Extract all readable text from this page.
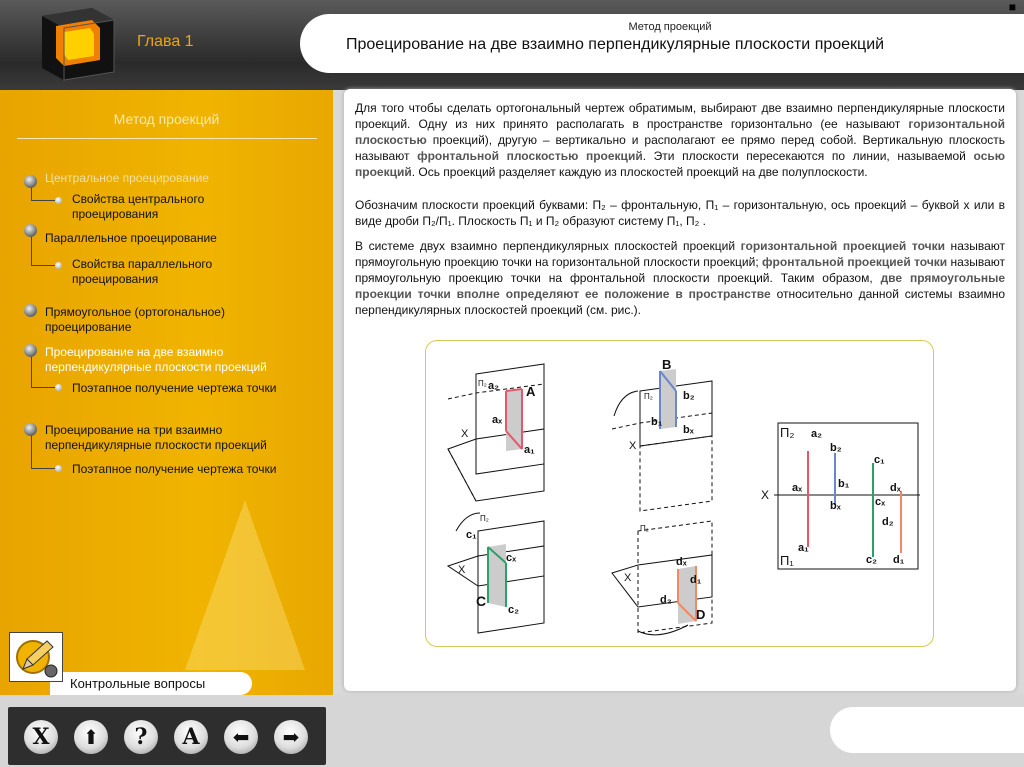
Глава 1
Метод проекций
Проецирование на две взаимно перпендикулярные плоскости проекций
■
Метод проекций
Центральное проецирование
Свойства центрального проецирования
Параллельное проецирование
Свойства параллельного проецирования
Прямоугольное (ортогональное) проецирование
Проецирование на две взаимно перпендикулярные плоскости проекций
Поэтапное получение чертежа точки
Проецирование на три взаимно перпендикулярные плоскости проекций
Поэтапное получение чертежа точки
Контрольные вопросы
X	⬆	?	A	⬅	➡
Для того чтобы сделать ортогональный чертеж обратимым, выбирают две взаимно перпендикулярные плоскости проекций. Одну из них принято располагать в пространстве горизонтально (ее называют горизонтальной плоскостью проекций), другую – вертикально и располагают ее прямо перед собой. Вертикальную плоскость называют фронтальной плоскостью проекций. Эти плоскости пересекаются по линии, называемой осью проекций. Ось проекций разделяет каждую из плоскостей проекций на две полуплоскости.
Обозначим плоскости проекций буквами: П₂ – фронтальную, П₁ – горизонтальную, ось проекций – буквой x или в виде дроби П₂/П₁. Плоскость П₁ и П₂ образуют систему П₁, П₂ .
В системе двух взаимно перпендикулярных плоскостей проекций горизонтальной проекцией точки называют прямоугольную проекцию точки на горизонтальной плоскости проекций; фронтальной проекцией точки называют прямоугольную проекцию точки на фронтальной плоскости проекций. Таким образом, две прямоугольные проекции точки вполне определяют ее положение в пространстве относительно данной системы взаимно перпендикулярных плоскостей проекций (см. рис.).
П₂ a₂ A
aₓ
X
a₁
B
П₂	b₂
b₁
bₓ
X
П₂
c₁
cₓ
X
C
c₂
П₂
dₓ
d₁
X
d₂
D
П₂ a₂
b₂
c₁
X aₓ	b₁	dₓ
cₓ
bₓ
d₂
a₁
П₁	c₂ d₁
